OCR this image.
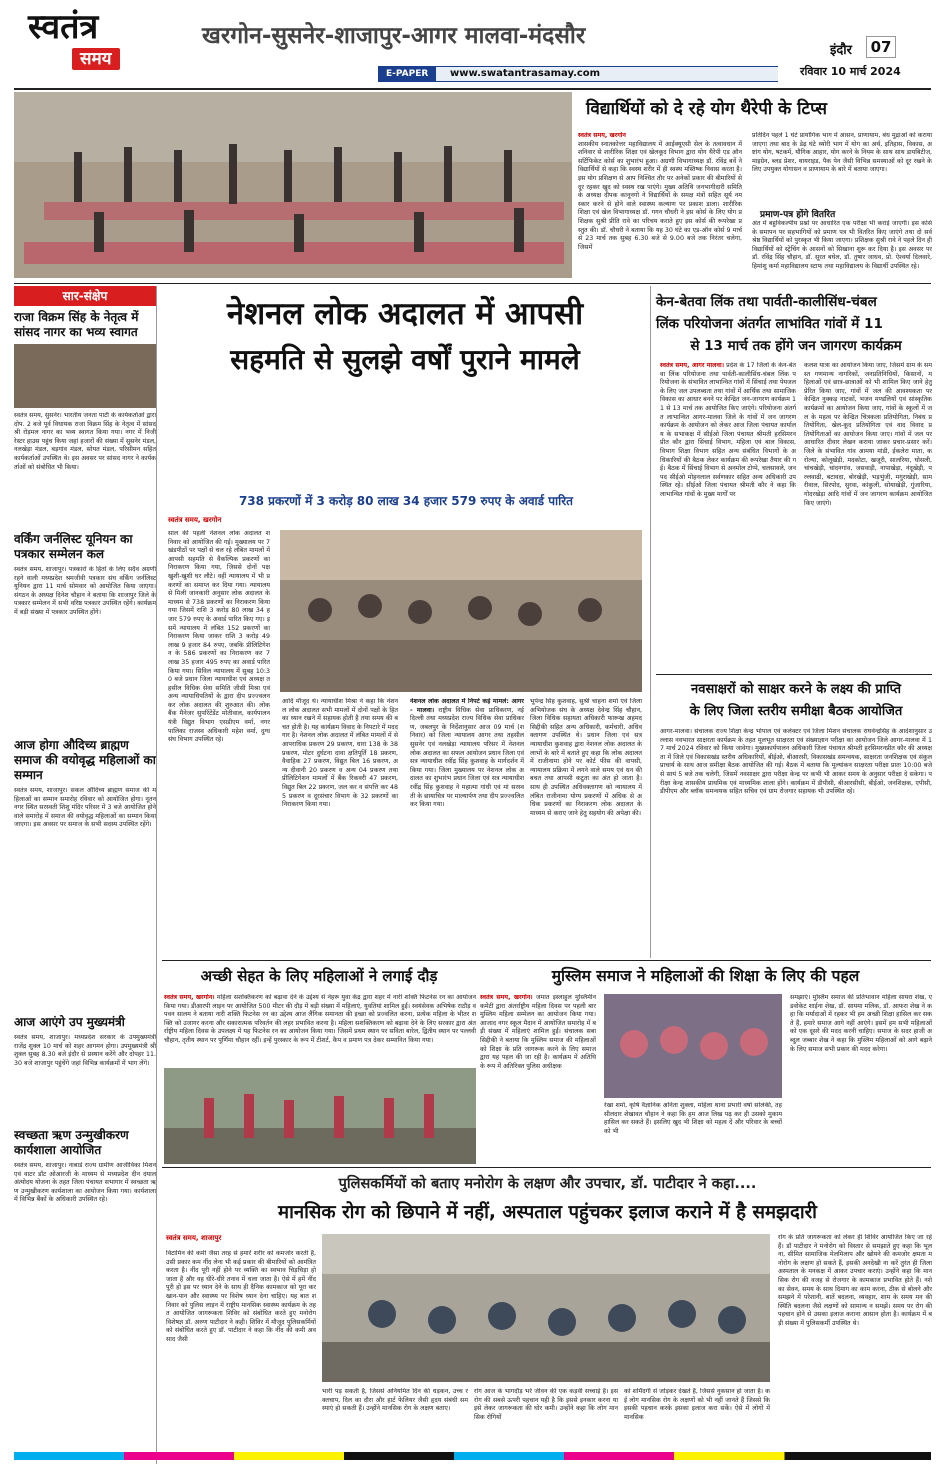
स्वतंत्र
समय
खरगोन-सुसनेर-शाजापुर-आगर मालवा-मंदसौर
E-PAPER	www.swatantrasamay.com
इंदौर	07
रविवार 10 मार्च 2024
विद्यार्थियों को दे रहे योग थैरेपी के टिप्स
स्वतंत्र समय, खरगोन
शासकीय स्नातकोत्तर महाविद्यालय में आईक्यूएसी सेल के तत्वावधान में शनिवार से शारीरिक शिक्षा एवं खेलकूद विभाग द्वारा योग थैरेपी एड ऑन सर्टिफिकेट कोर्स का शुभारंभ हुआ। अग्रणी विभागाध्यक्ष डॉ. रविंद्र बर्वे ने विद्यार्थियों से कहा कि स्वस्थ शरीर में ही स्वस्थ मस्तिष्क निवास करता है। इस योग प्रशिक्षण से आप निश्चित तौर पर अनेकों प्रकार की बीमारियों से दूर रहकर खुद को स्वस्थ रख पाएंगे। मुख्य अतिथि जनभागीदारी समिति के अध्यक्ष दीपक कानूनगो ने विद्यार्थियों के समक्ष मंत्रों सहित सूर्य नमस्कार करने से होने वाले स्वास्थ्य कल्याण पर प्रकाश डाला। शारीरिक शिक्षा एवं खेल विभागाध्यक्ष डॉ. गगन चौधरी ने इस कोर्स के लिए योग प्रशिक्षक सुश्री प्रीति रावे का परिचय कराते हुए इस कोर्स की रूपरेखा प्रस्तुत की। डॉ. चौधरी ने बताया कि यह 30 घंटे का एड-ऑन कोर्स 9 मार्च से 23 मार्च तक सुबह 6.30 बजे से 9.00 बजे तक निरंतर चलेगा, जिसमें
प्रतिदिन पहले 1 घंटे प्रायोगिक भाग में आसन, प्राणायाम, बंध मुद्राओं को कराया जाएगा तथा बाद के डेढ़ घंटे थ्योरी भाग में योग का अर्थ, इतिहास, विकास, अष्टांग योग, षटकर्म, यौगिक आहार, योग करने के नियम के साथ साथ डायबिटीज, माइग्रेन, ब्लड प्रेशर, थायराइड, पैक पेन जैसी विभिन्न समस्याओं को दूर रखने के लिए उपयुक्त योगासन व प्राणायाम के बारे में बताया जाएगा।
प्रमाण-पत्र होंगे वितरित
अंत में बहुविकल्पीय प्रश्नों पर आधारित एक परीक्षा भी कराई जाएगी। इस कोर्स के समापन पर सहभागियों को प्रमाण पत्र भी वितरित किए जाएंगे तथा दो सर्वश्रेष्ठ विद्यार्थियों को पुरस्कृत भी किया जाएगा। प्रशिक्षक सुश्री रावे ने पहले दिन ही विद्यार्थियों को स्ट्रेचिंग के आसनों को सिखाना शुरू कर दिया है। इस अवसर पर डॉ. रविंद्र सिंह चौहान, डॉ. सूरत बघेल, डॉ. तुषार जाधव, प्रो. ऐश्वर्या दिलवारे, हिमांशु कर्मा महाविद्यालय स्टाफ तथा महाविद्यालय के विद्यार्थी उपस्थित रहे।
सार-संक्षेप
राजा विक्रम सिंह के नेतृत्व में सांसद नागर का भव्य स्वागत
स्वतंत्र समय, सुसनेर। भारतीय जनता पार्टी के कार्यकर्ताओं द्वारा दोप. 2 बजे पूर्व विधायक राजा विक्रम सिंह के नेतृत्व में सांसद श्री रोड़मल नागर का भव्य स्वागत किया गया। नगर में निजी रेस्टर हाउस पहुंच किया जहां हजारों की संख्या में सुसनेर मंडल, नलखेड़ा मंडल, बड़गांव मंडल, सोयत मंडल, परिसीमन सहित कार्यकर्ताओं उपस्थित थे। इस अवसर पर सांसद नागर ने कार्यकर्ताओं को संबोधित भी किया।
वर्किंग जर्नलिस्ट यूनियन का पत्रकार सम्मेलन कल
स्वतंत्र समय, शाजापुर। पत्रकारों के हितों के लिए सदैव अग्रणी रहने वाली मध्यप्रदेश श्रमजीवी पत्रकार संघ वर्किंग जर्नलिस्ट यूनियन द्वारा 11 मार्च सोमवार को आयोजित किया जाएगा। संगठन के अध्यक्ष दिनेश चौहान ने बताया कि शाजापुर जिले के पत्रकार सम्मेलन में सभी वरिष्ठ पत्रकार उपस्थित रहेंगे। कार्यक्रम में बड़ी संख्या में पत्रकार उपस्थित होंगे।
आज होगा औदिच्य ब्राह्मण समाज की वयोवृद्ध महिलाओं का सम्मान
स्वतंत्र समय, शाजापुर। सकल औदिच्य ब्राह्मण समाज की महिलाओं का सम्मान समारोह रविवार को आयोजित होगा। नूतन नगर स्थित सरस्वती शिशु मंदिर परिसर में 3 बजे आयोजित होने वाले समारोह में समाज की वयोवृद्ध महिलाओं का सम्मान किया जाएगा। इस अवसर पर समाज के सभी सदस्य उपस्थित रहेंगे।
आज आएंगे उप मुख्यमंत्री
स्वतंत्र समय, शाजापुर। मध्यप्रदेश सरकार के उपमुख्यमंत्री राजेंद्र शुक्ल 10 मार्च को शहर आगमन होगा। उपमुख्यमंत्री श्री शुक्ल सुबह 8.30 बजे इंदौर से प्रस्थान करेंगे और दोपहर 11.30 बजे शाजापुर पहुंचेंगे जहां विभिन्न कार्यक्रमों में भाग लेंगे।
स्वच्छता ऋण उन्मुखीकरण कार्यशाला आयोजित
स्वतंत्र समय, शाजापुर। नाबार्ड राज्य ग्रामीण आजीविका मिशन एवं वाटर डॉट ओआरजी के माध्यम से मध्यप्रदेश दीन दयाल अंत्योदय योजना के तहत जिला पंचायत सभागार में स्वच्छता ऋण उन्मुखीकरण कार्यशाला का आयोजन किया गया। कार्यशाला में विभिन्न बैंकों के अधिकारी उपस्थित रहे।
नेशनल लोक अदालत में आपसी
सहमति से सुलझे वर्षों पुराने मामले
738 प्रकरणों में 3 करोड़ 80 लाख 34 हजार 579 रुपए के अवार्ड पारित
स्वतंत्र समय, खरगोन
साल की पहली नेशनल लोक अदालत शनिवार को आयोजित की गई। मुख्यालय पर 7 खंडपीठों पर पक्षों से चल रहे लंबित मामलों में आपसी सहमति से वैकल्पिक प्रकरणों का निराकरण किया गया, जिससे दोनों पक्ष खुशी-खुशी घर लौटे। वहीं न्यायालय में भी प्रकरणों का समाप्त कर दिया गया। न्यायालय से मिली जानकारी अनुसार लोक अदालत के माध्यम से 738 प्रकरणों का निराकरण किया गया जिसमें राशि 3 करोड़ 80 लाख 34 हजार 579 रुपए के अवार्ड पारित किए गए। इसमें न्यायालय में लंबित 152 प्रकरणों का निराकरण किया जाकर राशि 3 करोड़ 49 लाख 9 हजार 84 रुपए, जबकि प्रीलिटिगेशन के 586 प्रकरणों का निराकरण कर 7 लाख 35 हजार 495 रुपए का अवार्ड पारित किया गया। सिविल न्यायालय में सुबह 10:30 बजे प्रधान जिला न्यायाधीश एवं अध्यक्ष तहसील विधिक सेवा समिति जीसी मिश्रा एवं अन्य न्यायाधिपतियों के द्वारा दीप प्रज्ज्वलन कर लोक अदालत की शुरुआत की। लोक बैंक मैनेजर सुपरिंटेंडेंट मोतीवाल, कार्यपालन यंत्री विद्युत विभाग एसडीएम वर्मा, नगरपालिका राजस्व अधिकारी महेश वर्मा, दुग्ध संघ विभाग उपस्थित रहे।
आदि मौजूद थे। न्यायाधीश मिश्रा ने कहा कि नेशनल लोक अदालत सभी मामलों में दोनों पक्षों के हित का ध्यान रखने में सहायक होती है तथा समय की बचत होती है। यह कार्यक्रम विवाद के निपटारे में मददगार है। नेशनल लोक अदालत में लंबित मामलों में से आपराधिक प्रकरण 29 प्रकरण, धारा 138 के 38 प्रकरण, मोटर दुर्घटना दावा क्षतिपूर्ति 18 प्रकरण, वैवाहिक 27 प्रकरण, विद्युत बिल 16 प्रकरण, अन्य दीवानी 20 प्रकरण व अन्य 04 प्रकरण तथा प्रीलिटिगेशन मामलों में बैंक रिकवरी 47 प्रकरण, विद्युत बिल 22 प्रकरण, जल कर व संपत्ति कर 485 प्रकरण व दूरसंचार विभाग के 32 प्रकरणों का निराकरण किया गया।
नेशनल लोक अदालत में निपटे कई मामले: आगर - मालवा। राष्ट्रीय विधिक सेवा प्राधिकरण, नई दिल्ली तथा मध्यप्रदेश राज्य विधिक सेवा प्राधिकरण, जबलपुर के निर्देशानुसार आज 09 मार्च (शनिवार) को जिला न्यायालय आगर तथा तहसील सुसनेर एवं नलखेड़ा न्यायालय परिसर में नेशनल लोक अदालत का सफल आयोजन प्रधान जिला एवं सत्र न्यायाधीश रवींद्र सिंह कुशवाह के मार्गदर्शन में किया गया। जिला मुख्यालय पर नेशनल लोक अदालत का शुभारंभ प्रधान जिला एवं सत्र न्यायाधीश रवींद्र सिंह कुशवाह ने महात्मा गांधी एवं मां सरस्वती के छायाचित्र पर माल्यार्पण तथा दीप प्रज्ज्वलित कर किया गया।
भूपेन्द्र सिंह कुशवाह, सुश्री चाहना शर्मा एवं जिला अभियोजक संघ के अध्यक्ष देवेन्द्र सिंह चौहान, जिला विधिक सहायता अधिकारी फारूख अहमद सिद्दीकी सहित अन्य अधिकारी, कर्मचारी, अधिवक्तागण उपस्थित थे। प्रधान जिला एवं सत्र न्यायाधीश कुशवाह द्वारा नेशनल लोक अदालत के लाभों के बारे में बताते हुए कहा कि लोक अदालत में राजीनामा होने पर कोर्ट फीस की वापसी, न्यायालय प्रक्रिया में लगने वाले समय एवं धन की बचत तथा आपसी कटुता का अंत हो जाता है। साथ ही उपस्थित अधिवक्तागण को न्यायालय में लंबित राजीनामा योग्य प्रकरणों में अधिक से अधिक प्रकरणों का निराकरण लोक अदालत के माध्यम से कराए जाने हेतु सहयोग की अपेक्षा की।
केन-बेतवा लिंक तथा पार्वती-कालीसिंध-चंबल
लिंक परियोजना अंतर्गत लाभांवित गांवों में 11
से 13 मार्च तक होंगे जन जागरण कार्यक्रम
स्वतंत्र समय, आगर मालवा। प्रदेश के 17 जिलों के केन-बेतवा लिंक परियोजना तथा पार्वती-कालीसिंध-चंबल लिंक परियोजना के संभावित लाभान्वित गांवों में सिंचाई तथा पेयजल के लिए जल उपलब्धता तथा गांवों में आर्थिक तथा सामाजिक विकास का आधार बनने पर केन्द्रित जन-जागरण कार्यक्रम 11 से 13 मार्च तक आयोजित किए जाएंगे। परियोजना अंतर्गत लाभान्वित आगर-मालवा जिले के गांवों में जन जागरण कार्यक्रम के आयोजन को लेकर आज जिला पंचायत कार्यालय के सभाकक्ष में सीईओ जिला पंचायत श्रीमती हरसिमरनप्रीत कौर द्वारा सिंचाई विभाग, महिला एवं बाल विकास, विभाग शिक्षा विभाग सहित अन्य संबंधित विभागों के अधिकारियों की बैठक लेकर कार्यक्रम की रूपरेखा तैयार की गई। बैठक में सिंचाई विभाग से अनमोल टोप्पे, चलसावले, जनपद सीईओ मोहनलाल सर्वणकार सहित अन्य अधिकारी उपस्थित रहे। सीईओ जिला पंचायत श्रीमती कौर ने कहा कि लाभान्वित गांवों के मुख्य मार्गों पर
कलश यात्रा का आयोजन किया जाए, जिसमें ग्राम के समस्त गणमान्य नागरिकों, जनप्रतिनिधियों, किसानों, महिलाओं एवं छात्र-छात्राओं को भी शामिल किए जाने हेतु प्रेरित किया जाए, गांवों में जल की आवश्यकता पर केन्द्रित नुक्कड़ नाटकों, भजन मण्डलियों एवं सांस्कृतिक कार्यक्रमों का आयोजन किया जाए, गांवों के स्कूलों में जल के महत्व पर केन्द्रित चित्रकला प्रतियोगिता, निबंध प्रतियोगिता, खेल-कूद प्रतियोगिता एवं वाद विवाद प्रतियोगिताओं का आयोजन किया जाए। गांवों में जल पर आधारित दीवार लेखन कराया जाकर प्रचार-प्रसार करें। जिले के संभावित गांव आमया मांडी, ईकलेरा माता, करोल्या, कोलूखेड़ी, मदकोटा, खजूरी, सालरिया, घोसली, चांचखेड़ी, चांदनगांव, जसवाड़ी, नापाखेड़ा, नंदूखेड़ी, पल्लवाढी, बटावदा, बोरखेड़ी, भड़भुंजी, मगुराखेड़ी, सामरीवाल, सिरपोद, सुरवा, कांकुली, सोयाखेड़ी, गुंजारिया, गोदरखेड़ा आदि गांवों में जन जागरण कार्यक्रम आयोजित किए जाएंगे।
नवसाक्षरों को साक्षर करने के लक्ष्य की प्राप्ति
के लिए जिला स्तरीय समीक्षा बैठक आयोजित
आगर-मालवा। संचालक राज्य शिक्षा केन्द्र भोपाल एवं कलेक्टर एवं जिला मिशन संचालक राघवेन्द्रसिंह के आदेशानुसार उल्लास नवभारत साक्षरता कार्यक्रम के तहत मूलभूत साक्षरता एवं संख्याज्ञान परीक्षा का आयोजन जिले आगर-मालवा में 17 मार्च 2024 रविवार को किया जावेगा। मुख्यकार्यपालन अधिकारी जिला पंचायत श्रीमती हरसिमरनप्रीत कौर की अध्यक्षता में जिले एवं विकासखंड स्तरीय अधिकारियों, बीईओ, बीआरसी, विकासखंड समन्वयक, साक्षरता जनशिक्षक एवं संकुल प्राचार्य के साथ आज समीक्षा बैठक आयोजित की गई। बैठक में बताया कि मूल्यांकन साक्षरता परीक्षा प्रातः 10:00 बजे से सायं 5 बजे तक चलेगी, जिसमें नवसाक्षर द्वारा परीक्षा केन्द्र पर कभी भी आकर समय के अनुसार परीक्षा दे सकेगा। परीक्षा केन्द्र शासकीय प्राथमिक एवं माध्यमिक शाला होंगे। कार्यक्रम में डीपीसी, बीआरसीसी, बीईओ, जनशिक्षक, एपीसी, डीपीएम और ब्लॉक समन्वयक सहित सचिव एवं ग्राम रोजगार सहायक भी उपस्थित रहे।
अच्छी सेहत के लिए महिलाओं ने लगाई दौड़
स्वतंत्र समय, खरगोन। महिला सशक्तिकरण को बढ़ावा देने के उद्देश्य से नेहरू युवा केंद्र द्वारा शहर में नारी शक्ति फिटनेस रन का आयोजन किया गया। डीआरपी लाइन पर आयोजित 500 मीटर की दौड़ में बड़ी संख्या में महिलाएं, युवतियां शामिल हुईं। स्वयंसेवक अभिषेक राठौड़ व पवन सालम ने बताया नारी शक्ति फिटनेस रन का उद्देश्य आज लैंगिक समानता की इच्छा को प्रज्वलित करना, प्रत्येक महिला के भीतर शक्ति को उजागर करना और सकारात्मक परिवर्तन की लहर प्रभावित करना है। महिला सशक्तिकरण को बढ़ावा देने के लिए सरकार द्वारा अंतर्राष्ट्रीय महिला दिवस के उपलक्ष्य में यह फिटनेस रन का आयोजन किया गया। जिसमें प्रथम स्थान पर सविता बारेल, द्वितीय स्थान पर पल्लवी चौहान, तृतीय स्थान पर पूर्णिमा चौहान रहीं। इन्हें पुरस्कार के रूप में टीशर्ट, कैप व प्रमाण पत्र देकर सम्मानित किया गया।
मुस्लिम समाज ने महिलाओं की शिक्षा के लिए की पहल
स्वतंत्र समय, खरगोन। जमात इस्लाहुल मुस्लिमीन कमेटी द्वारा अंतर्राष्ट्रीय महिला दिवस पर पहली बार मुस्लिम महिला सम्मेलन का आयोजन किया गया। आजाद नगर स्कूल मैदान में आयोजित समारोह में बड़ी संख्या में महिलाएं शामिल हुईं। संचालक सबा सिद्दीकी ने बताया कि मुस्लिम समाज की महिलाओं को शिक्षा के प्रति जागरूक करने के लिए समाज द्वारा यह पहल की जा रही है। कार्यक्रम में अतिथि के रूप में अतिरिक्त पुलिस अधीक्षक
रेखा शर्मा, कृषि वैज्ञानिक अनिता शुक्ला, महिला थाना प्रभारी वर्षा सोलंकी, तहसीलदार शेखावत चौहान ने कहा कि हम आज लिख पढ़ कर ही उसको मुकाम हासिल कर सकते हैं। इसलिए खुद भी शिक्षा को महत्व दें और परिवार के बच्चों को भी
समझाएं। मुस्लिम समाज की प्रतिभावान महिला सायरा शेख, एडवोकेट शाईना शेख, डॉ. सायमा मलिक, डॉ. आफरा शेख ने कहा कि मर्यादाओं में रहकर भी हम अच्छी शिक्षा हासिल कर सकते हैं, हमारे समाज आगे नहीं आएंगे। इसमें हम सभी महिलाओं को एक दूसरे की मदद करनी चाहिए। समाज के सदर हाजी अब्दुल जब्बार शेख ने कहा कि मुस्लिम महिलाओं को आगे बढ़ाने के लिए समाज सभी प्रकार की मदद करेगा।
पुलिसकर्मियों को बताए मनोरोग के लक्षण और उपचार, डॉ. पाटीदार ने कहा....
मानसिक रोग को छिपाने में नहीं, अस्पताल पहुंचकर इलाज कराने में है समझदारी
स्वतंत्र समय, शाजापुर
विटामिन की कमी जैसा तरह से हमारे शरीर को कमजोर करती है, उसी प्रकार कम नींद लेना भी कई प्रकार की बीमारियों को आमंत्रित करता है। नींद पूरी नहीं होने पर व्यक्ति का स्वभाव चिड़चिड़ा हो जाता है और वह धीरे-धीरे तनाव में चला जाता है। ऐसे में हमें नींद पूरी हो इस पर ध्यान देने के साथ ही दैनिक कामकाज को पूरा कर खान-पान और स्वास्थ्य पर विशेष ध्यान देना चाहिए। यह बात शनिवार को पुलिस लाइन में राष्ट्रीय मानसिक स्वास्थ्य कार्यक्रम के तहत आयोजित जागरूकता शिविर को संबोधित करते हुए मनोरोग विशेषज्ञ डॉ. अरुण पाटीदार ने कही। शिविर में मौजूद पुलिसकर्मियों को संबोधित करते हुए डॉ. पाटीदार ने कहा कि नींद की कमी अवसाद जैसी
भारी पड़ सकती है, जिससे अनियमित दिन की धड़कन, उच्च रक्तचाप, दिल का दौरा और हार्ट फेलियर जैसी हृदय संबंधी समस्याएं हो सकती हैं। उन्होंने मानसिक रोग के लक्षण बताए।
रोग आज के भागदौड़ भरे जीवन की एक कड़वी सच्चाई है। इस रोग की सबसे ऊपरी पहचान यही है कि इससे इनकार करना या इसे लेकर जागरूकता की घोर कमी। उन्होंने कहा कि लोग मानसिक रोगियों
को शर्मिंदगी से जोड़कर देखते हैं, जिससे नुकसान हो जाता है। कई लोग मानसिक रोग के लक्षणों को भी नहीं जानते हैं जिससे कि इसकी पहचान करके इसका इलाज करा सकें। ऐसे में लोगों में मानसिक
रोग के प्रति जागरूकता को लेकर ही शिविर आयोजित किए जा रहे हैं। डॉ पाटीदार ने मनोरोग को विस्तार से समझाते हुए कहा कि भूलना, सीमित सामाजिक मेलमिलाप और खोयने की कमजोर क्षमता मनोरोग के लक्षण हो सकते हैं, इसकी अनदेखी ना करें तुरंत ही जिला अस्पताल के मनकक्ष में आकर उपचार कराएं। उन्होंने कहा कि मानसिक रोग की वजह से रोजगार के कामकाज प्रभावित होते हैं। नशे का सेवन, समय के साथ दिमाग का काम करना, ठीक से बोलने और समझने में परेशानी, बातें बदलना, व्यवहार, शाम के समय मन की स्थिति बदलना जैसे लक्षणों को सामान्य न समझें। समय पर रोग की पहचान होने से उसका इलाज कराना आसान होता है। कार्यक्रम में बड़ी संख्या में पुलिसकर्मी उपस्थित थे।
